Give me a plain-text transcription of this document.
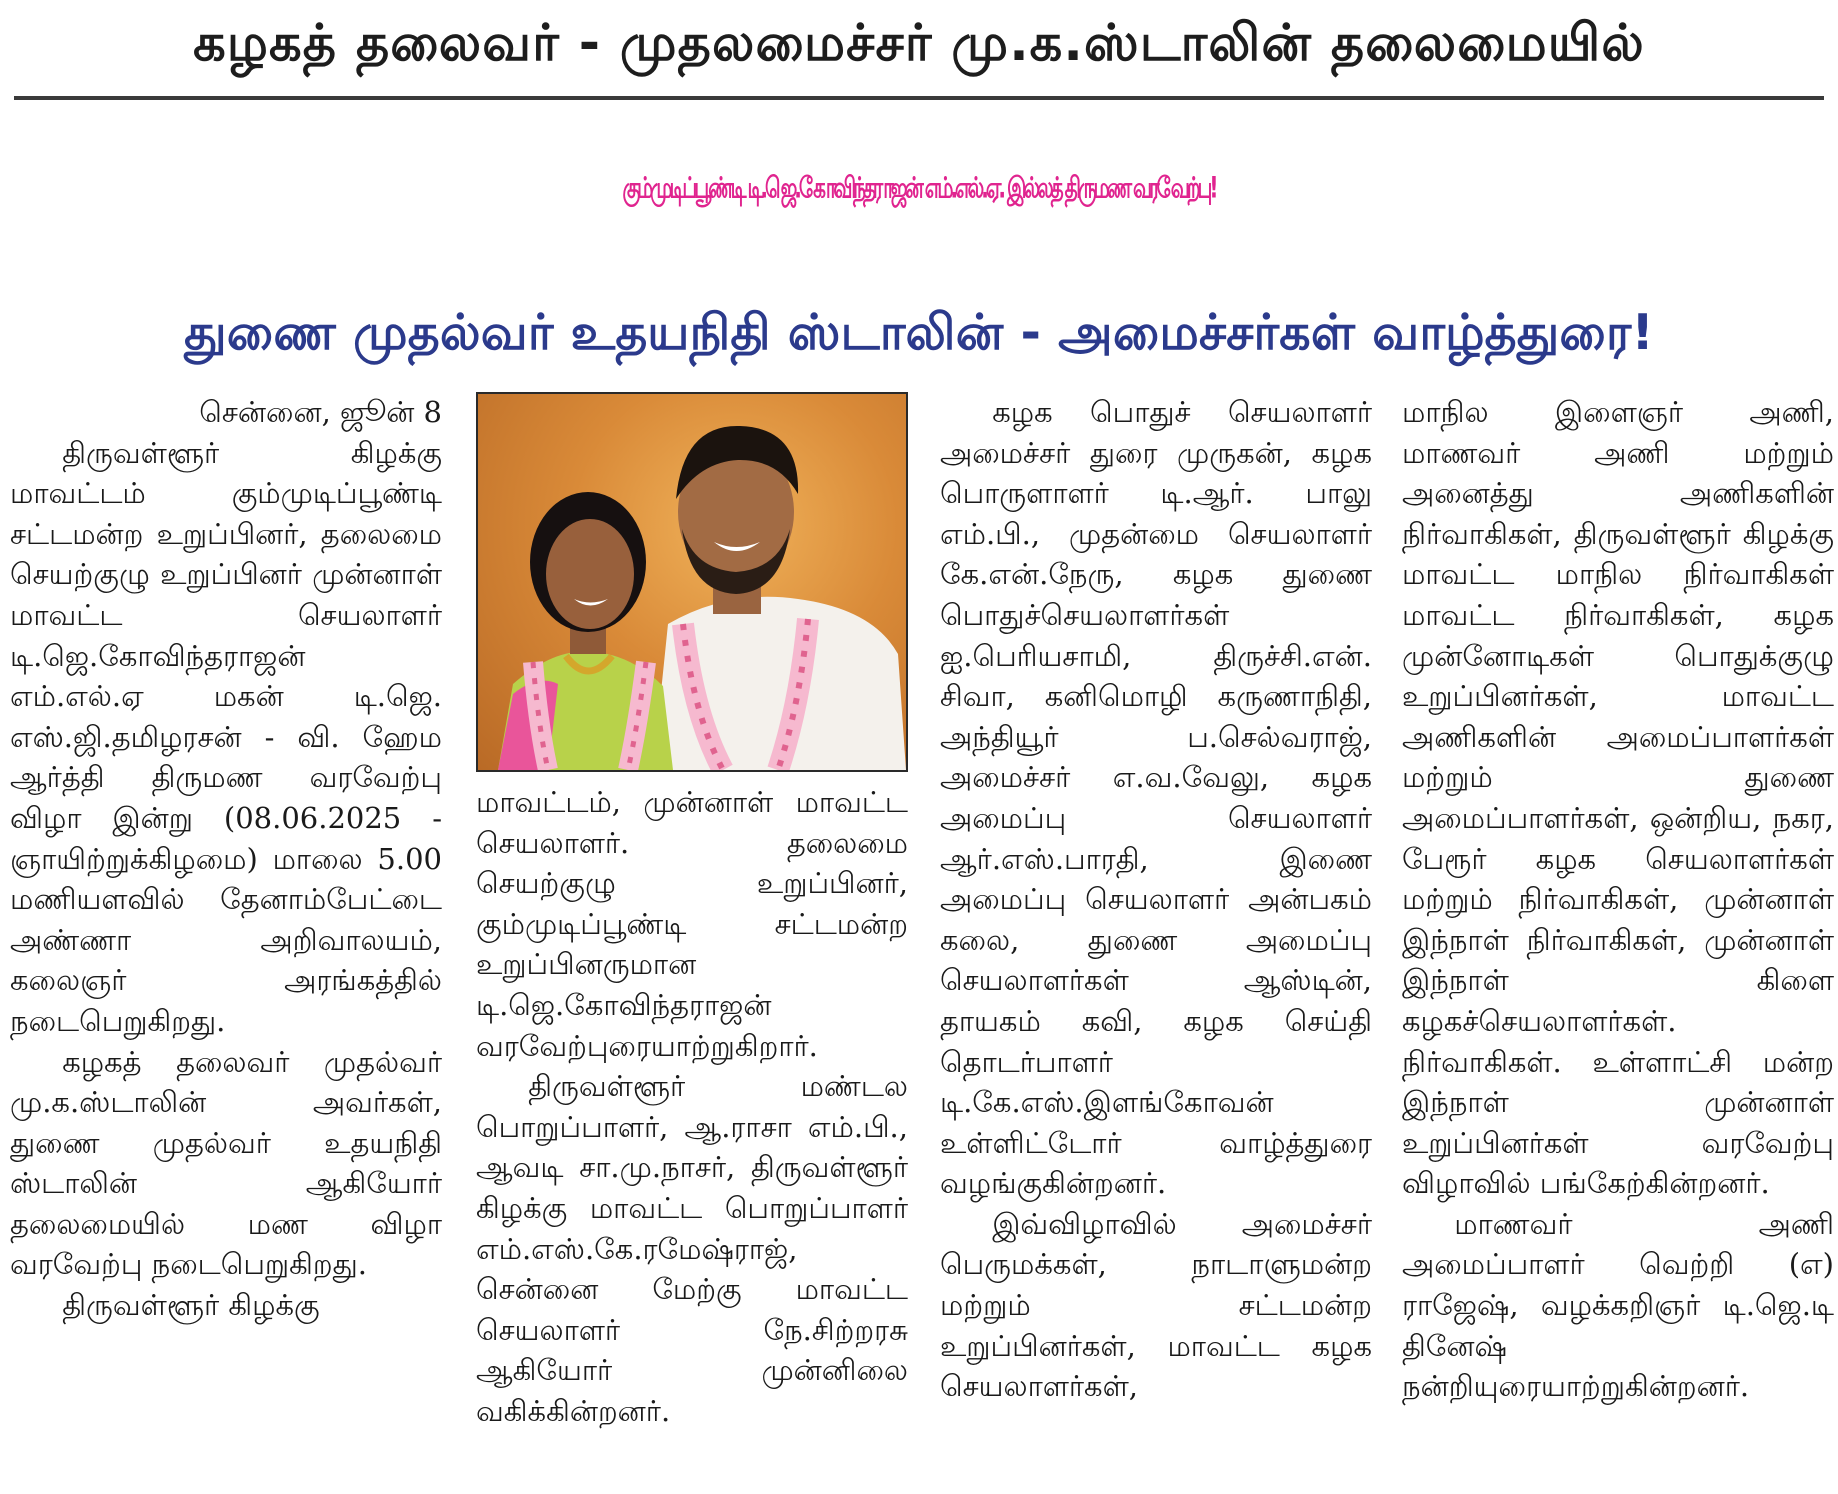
கழகத் தலைவர் - முதலமைச்சர் மு.க.ஸ்டாலின் தலைமையில்
கும்முடிப்பூண்டி டி.ஜெ.கோவிந்தராஜன் எம்.எல்.ஏ. இல்லத் திருமண வரவேற்பு!
துணை முதல்வர் உதயநிதி ஸ்டாலின் - அமைச்சர்கள் வாழ்த்துரை!

சென்னை, ஜூன் 8

திருவள்ளூர் கிழக்கு மாவட்டம் கும்முடிப்பூண்டி சட்டமன்ற உறுப்பினர், தலைமை செயற்குழு உறுப்பினர் முன்னாள் மாவட்ட செயலாளர் டி.ஜெ.கோவிந்தராஜன் எம்.எல்.ஏ மகன் டி.ஜெ. எஸ்.ஜி.தமிழரசன் - வி. ஹேம ஆர்த்தி திருமண வரவேற்பு விழா இன்று (08.06.2025 - ஞாயிற்றுக்கிழமை) மாலை 5.00 மணியளவில் தேனாம்பேட்டை அண்ணா அறிவாலயம், கலைஞர் அரங்கத்தில் நடைபெறுகிறது.

கழகத் தலைவர் முதல்வர் மு.க.ஸ்டாலின் அவர்கள், துணை முதல்வர் உதயநிதி ஸ்டாலின் ஆகியோர் தலைமையில் மண விழா வரவேற்பு நடைபெறுகிறது.

திருவள்ளூர் கிழக்கு

மாவட்டம், முன்னாள் மாவட்ட செயலாளர். தலைமை செயற்குழு உறுப்பினர், கும்முடிப்பூண்டி சட்டமன்ற உறுப்பினருமான டி.ஜெ.கோவிந்தராஜன் வரவேற்புரையாற்றுகிறார்.

திருவள்ளூர் மண்டல பொறுப்பாளர், ஆ.ராசா எம்.பி., ஆவடி சா.மு.நாசர், திருவள்ளூர் கிழக்கு மாவட்ட பொறுப்பாளர் எம்.எஸ்.கே.ரமேஷ்ராஜ், சென்னை மேற்கு மாவட்ட செயலாளர் நே.சிற்றரசு ஆகியோர் முன்னிலை வகிக்கின்றனர்.

கழக பொதுச் செயலாளர் அமைச்சர் துரை முருகன், கழக பொருளாளர் டி.ஆர். பாலு எம்.பி., முதன்மை செயலாளர் கே.என்.நேரு, கழக துணை பொதுச்செயலாளர்கள் ஐ.பெரியசாமி, திருச்சி.என். சிவா, கனிமொழி கருணாநிதி, அந்தியூர் ப.செல்வராஜ், அமைச்சர் எ.வ.வேலு, கழக அமைப்பு செயலாளர் ஆர்.எஸ்.பாரதி, இணை அமைப்பு செயலாளர் அன்பகம் கலை, துணை அமைப்பு செயலாளர்கள் ஆஸ்டின், தாயகம் கவி, கழக செய்தி தொடர்பாளர் டி.கே.எஸ்.இளங்கோவன் உள்ளிட்டோர் வாழ்த்துரை வழங்குகின்றனர்.

இவ்விழாவில் அமைச்சர் பெருமக்கள், நாடாளுமன்ற மற்றும் சட்டமன்ற உறுப்பினர்கள், மாவட்ட கழக செயலாளர்கள்,

மாநில இளைஞர் அணி, மாணவர் அணி மற்றும் அனைத்து அணிகளின் நிர்வாகிகள், திருவள்ளூர் கிழக்கு மாவட்ட மாநில நிர்வாகிகள் மாவட்ட நிர்வாகிகள், கழக முன்னோடிகள் பொதுக்குழு உறுப்பினர்கள், மாவட்ட அணிகளின் அமைப்பாளர்கள் மற்றும் துணை அமைப்பாளர்கள், ஒன்றிய, நகர, பேரூர் கழக செயலாளர்கள் மற்றும் நிர்வாகிகள், முன்னாள் இந்நாள் நிர்வாகிகள், முன்னாள் இந்நாள் கிளை கழகச்செயலாளர்கள். நிர்வாகிகள். உள்ளாட்சி மன்ற இந்நாள் முன்னாள் உறுப்பினர்கள் வரவேற்பு விழாவில் பங்கேற்கின்றனர்.

மாணவர் அணி அமைப்பாளர் வெற்றி (எ) ராஜேஷ், வழக்கறிஞர் டி.ஜெ.டி தினேஷ் நன்றியுரையாற்றுகின்றனர்.
